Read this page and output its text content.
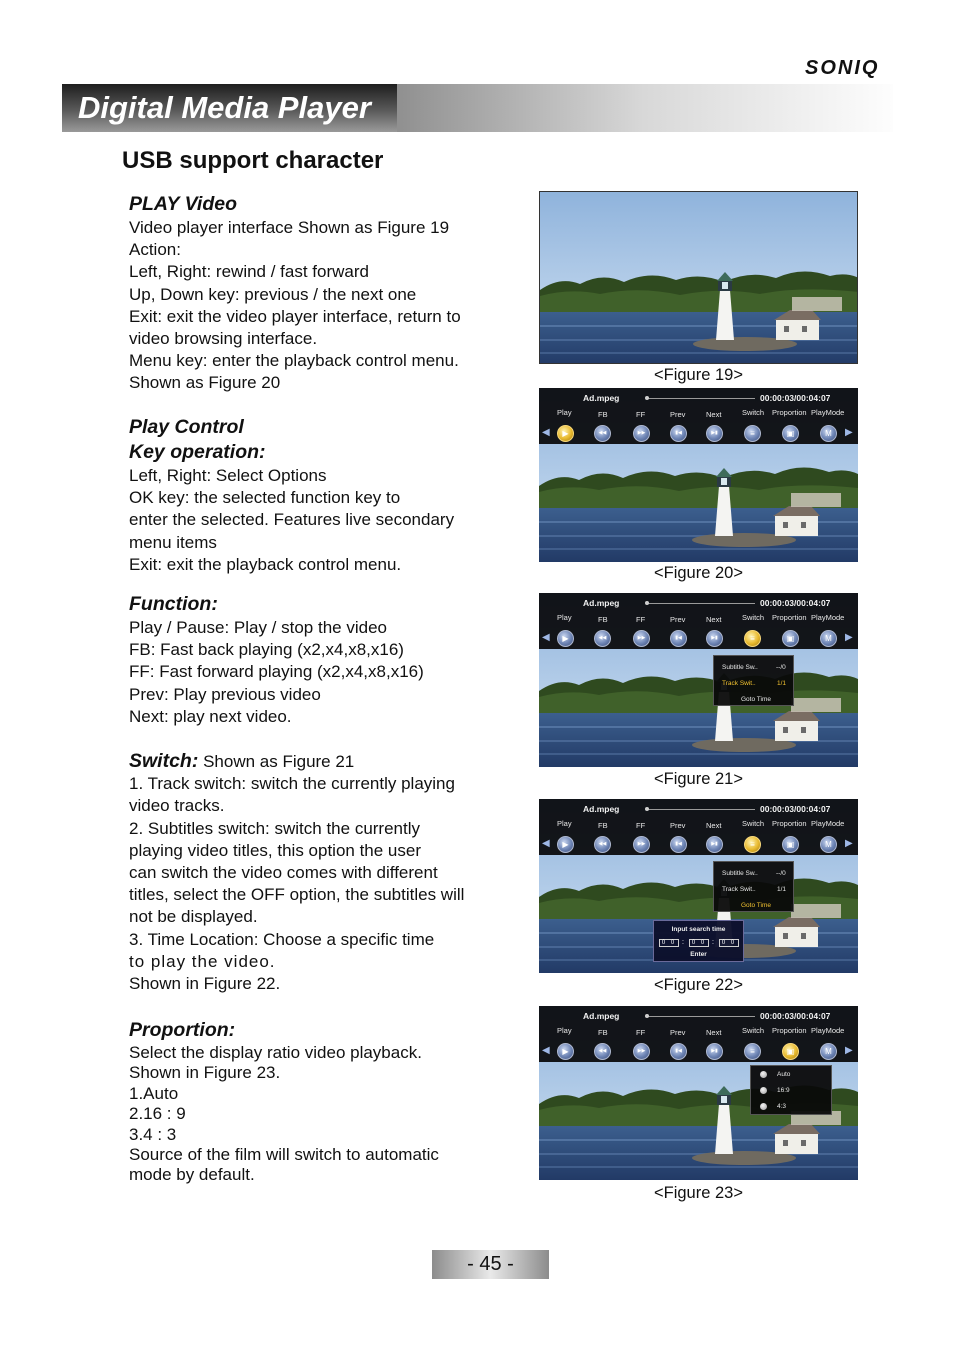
SONIQ
Digital Media Player
USB support character
PLAY Video
Video player interface Shown as Figure 19
Action:
Left, Right: rewind / fast forward
Up, Down key: previous / the next one
Exit: exit the video player interface, return to
video browsing interface.
Menu key: enter the playback control menu.
Shown as Figure 20
Play Control
Key operation:
Left, Right: Select Options
OK key: the selected function key to
enter the selected. Features live secondary
menu items
Exit: exit the playback control menu.
Function:
Play / Pause: Play / stop the video
FB: Fast back playing (x2,x4,x8,x16)
FF: Fast forward playing (x2,x4,x8,x16)
Prev: Play previous video
Next: play next video.
Switch: Shown as Figure 21
1. Track switch: switch the currently playing
video tracks.
2. Subtitles switch: switch the currently
playing video titles, this option the user
can switch the video comes with different
titles, select the OFF option, the subtitles will
not be displayed.
3. Time Location: Choose a specific time
to play the video.
Shown in Figure 22.
Proportion:
Select the display ratio video playback.
Shown in Figure 23.
1.Auto
2.16 : 9
3.4 : 3
Source of the film will switch to automatic
mode by default.
<Figure 19>
Ad.mpeg	00:00:03/00:04:07
Play
▶
FB
◀◀
FF
▶▶
Prev
▮◀
Next
▶▮
Switch
≡
Proportion
▣
PlayMode
M
◀	▶
<Figure 20>
Ad.mpeg	00:00:03/00:04:07
Play
▶
FB
◀◀
FF
▶▶
Prev
▮◀
Next
▶▮
Switch
≡
Proportion
▣
PlayMode
M
◀	▶
Subtitle Sw..	--/0
Track Swit..	1/1
Goto Time
<Figure 21>
Ad.mpeg	00:00:03/00:04:07
Play
▶
FB
◀◀
FF
▶▶
Prev
▮◀
Next
▶▮
Switch
≡
Proportion
▣
PlayMode
M
◀	▶
Subtitle Sw..	--/0
Track Swit..	1/1
Goto Time
Input search time
0 0 :	0 0 :	0 0
Enter
<Figure 22>
Ad.mpeg	00:00:03/00:04:07
Play
▶
FB
◀◀
FF
▶▶
Prev
▮◀
Next
▶▮
Switch
≡
Proportion
▣
PlayMode
M
◀	▶
Auto
16:9
4:3
<Figure 23>
- 45 -
